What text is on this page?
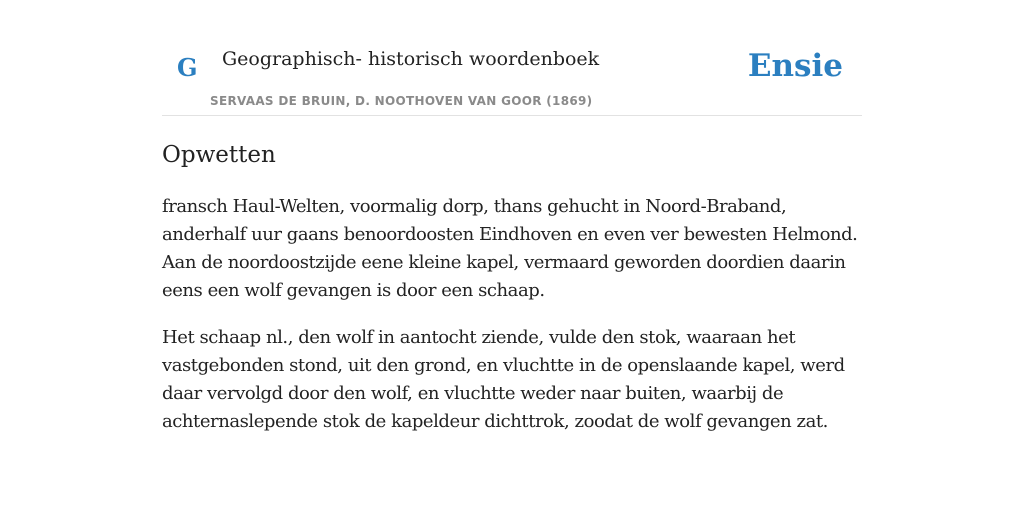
G Geographisch- historisch woordenboek
SERVAAS DE BRUIN, D. NOOTHOVEN VAN GOOR (1869)
Ensie
Opwetten

fransch Haul-Welten, voormalig dorp, thans gehucht in Noord-Braband, anderhalf uur gaans benoordoosten Eindhoven en even ver bewesten Helmond. Aan de noordoostzijde eene kleine kapel, vermaard geworden doordien daarin eens een wolf gevangen is door een schaap.

Het schaap nl., den wolf in aantocht ziende, vulde den stok, waaraan het vastgebonden stond, uit den grond, en vluchtte in de openslaande kapel, werd daar vervolgd door den wolf, en vluchtte weder naar buiten, waarbij de achternaslepende stok de kapeldeur dichttrok, zoodat de wolf gevangen zat.
